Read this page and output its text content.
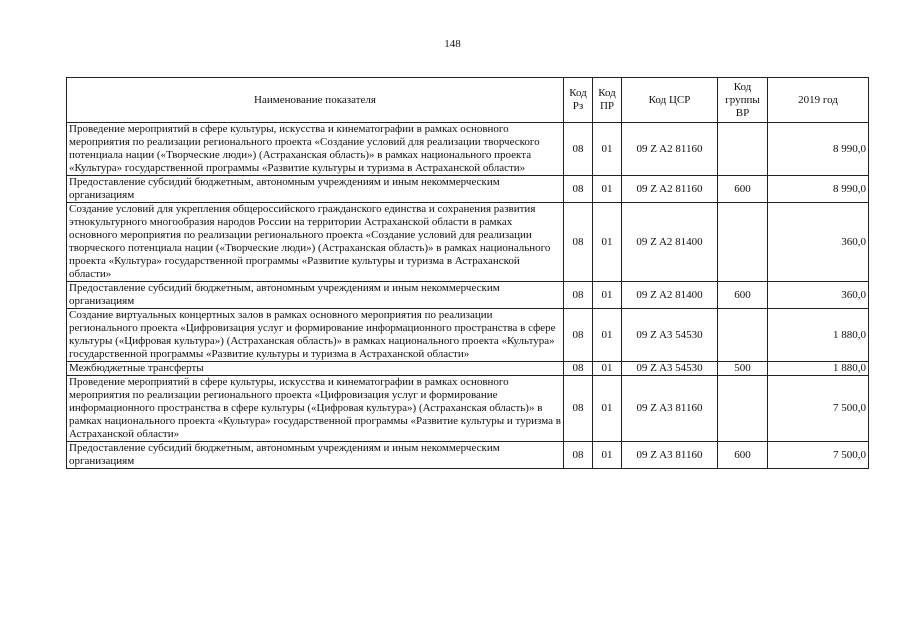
148
Наименование показателя	Код Рз	Код ПР	Код ЦСР	Код группы ВР	2019 год
Проведение мероприятий в сфере культуры, искусства и кинематографии в рамках основного мероприятия по реализации регионального проекта «Создание условий для реализации творческого потенциала нации («Творческие люди») (Астраханская область)» в рамках национального проекта «Культура» государственной программы «Развитие культуры и туризма в Астраханской области»	08	01	09 Z A2 81160		8 990,0
Предоставление субсидий бюджетным, автономным учреждениям и иным некоммерческим организациям	08	01	09 Z A2 81160	600	8 990,0
Создание условий для укрепления общероссийского гражданского единства и сохранения развития этнокультурного многообразия народов России на территории Астраханской области в рамках основного мероприятия по реализации регионального проекта «Создание условий для реализации творческого потенциала нации («Творческие люди») (Астраханская область)» в рамках национального проекта «Культура» государственной программы «Развитие культуры и туризма в Астраханской области»	08	01	09 Z A2 81400		360,0
Предоставление субсидий бюджетным, автономным учреждениям и иным некоммерческим организациям	08	01	09 Z A2 81400	600	360,0
Создание виртуальных концертных залов в рамках основного мероприятия по реализации регионального проекта «Цифровизация услуг и формирование информационного пространства в сфере культуры («Цифровая культура») (Астраханская область)» в рамках национального проекта «Культура» государственной программы «Развитие культуры и туризма в Астраханской области»	08	01	09 Z A3 54530		1 880,0
Межбюджетные трансферты	08	01	09 Z A3 54530	500	1 880,0
Проведение мероприятий в сфере культуры, искусства и кинематографии в рамках основного мероприятия по реализации регионального проекта «Цифровизация услуг и формирование информационного пространства в сфере культуры («Цифровая культура») (Астраханская область)» в рамках национального проекта «Культура» государственной программы «Развитие культуры и туризма в Астраханской области»	08	01	09 Z A3 81160		7 500,0
Предоставление субсидий бюджетным, автономным учреждениям и иным некоммерческим организациям	08	01	09 Z A3 81160	600	7 500,0
